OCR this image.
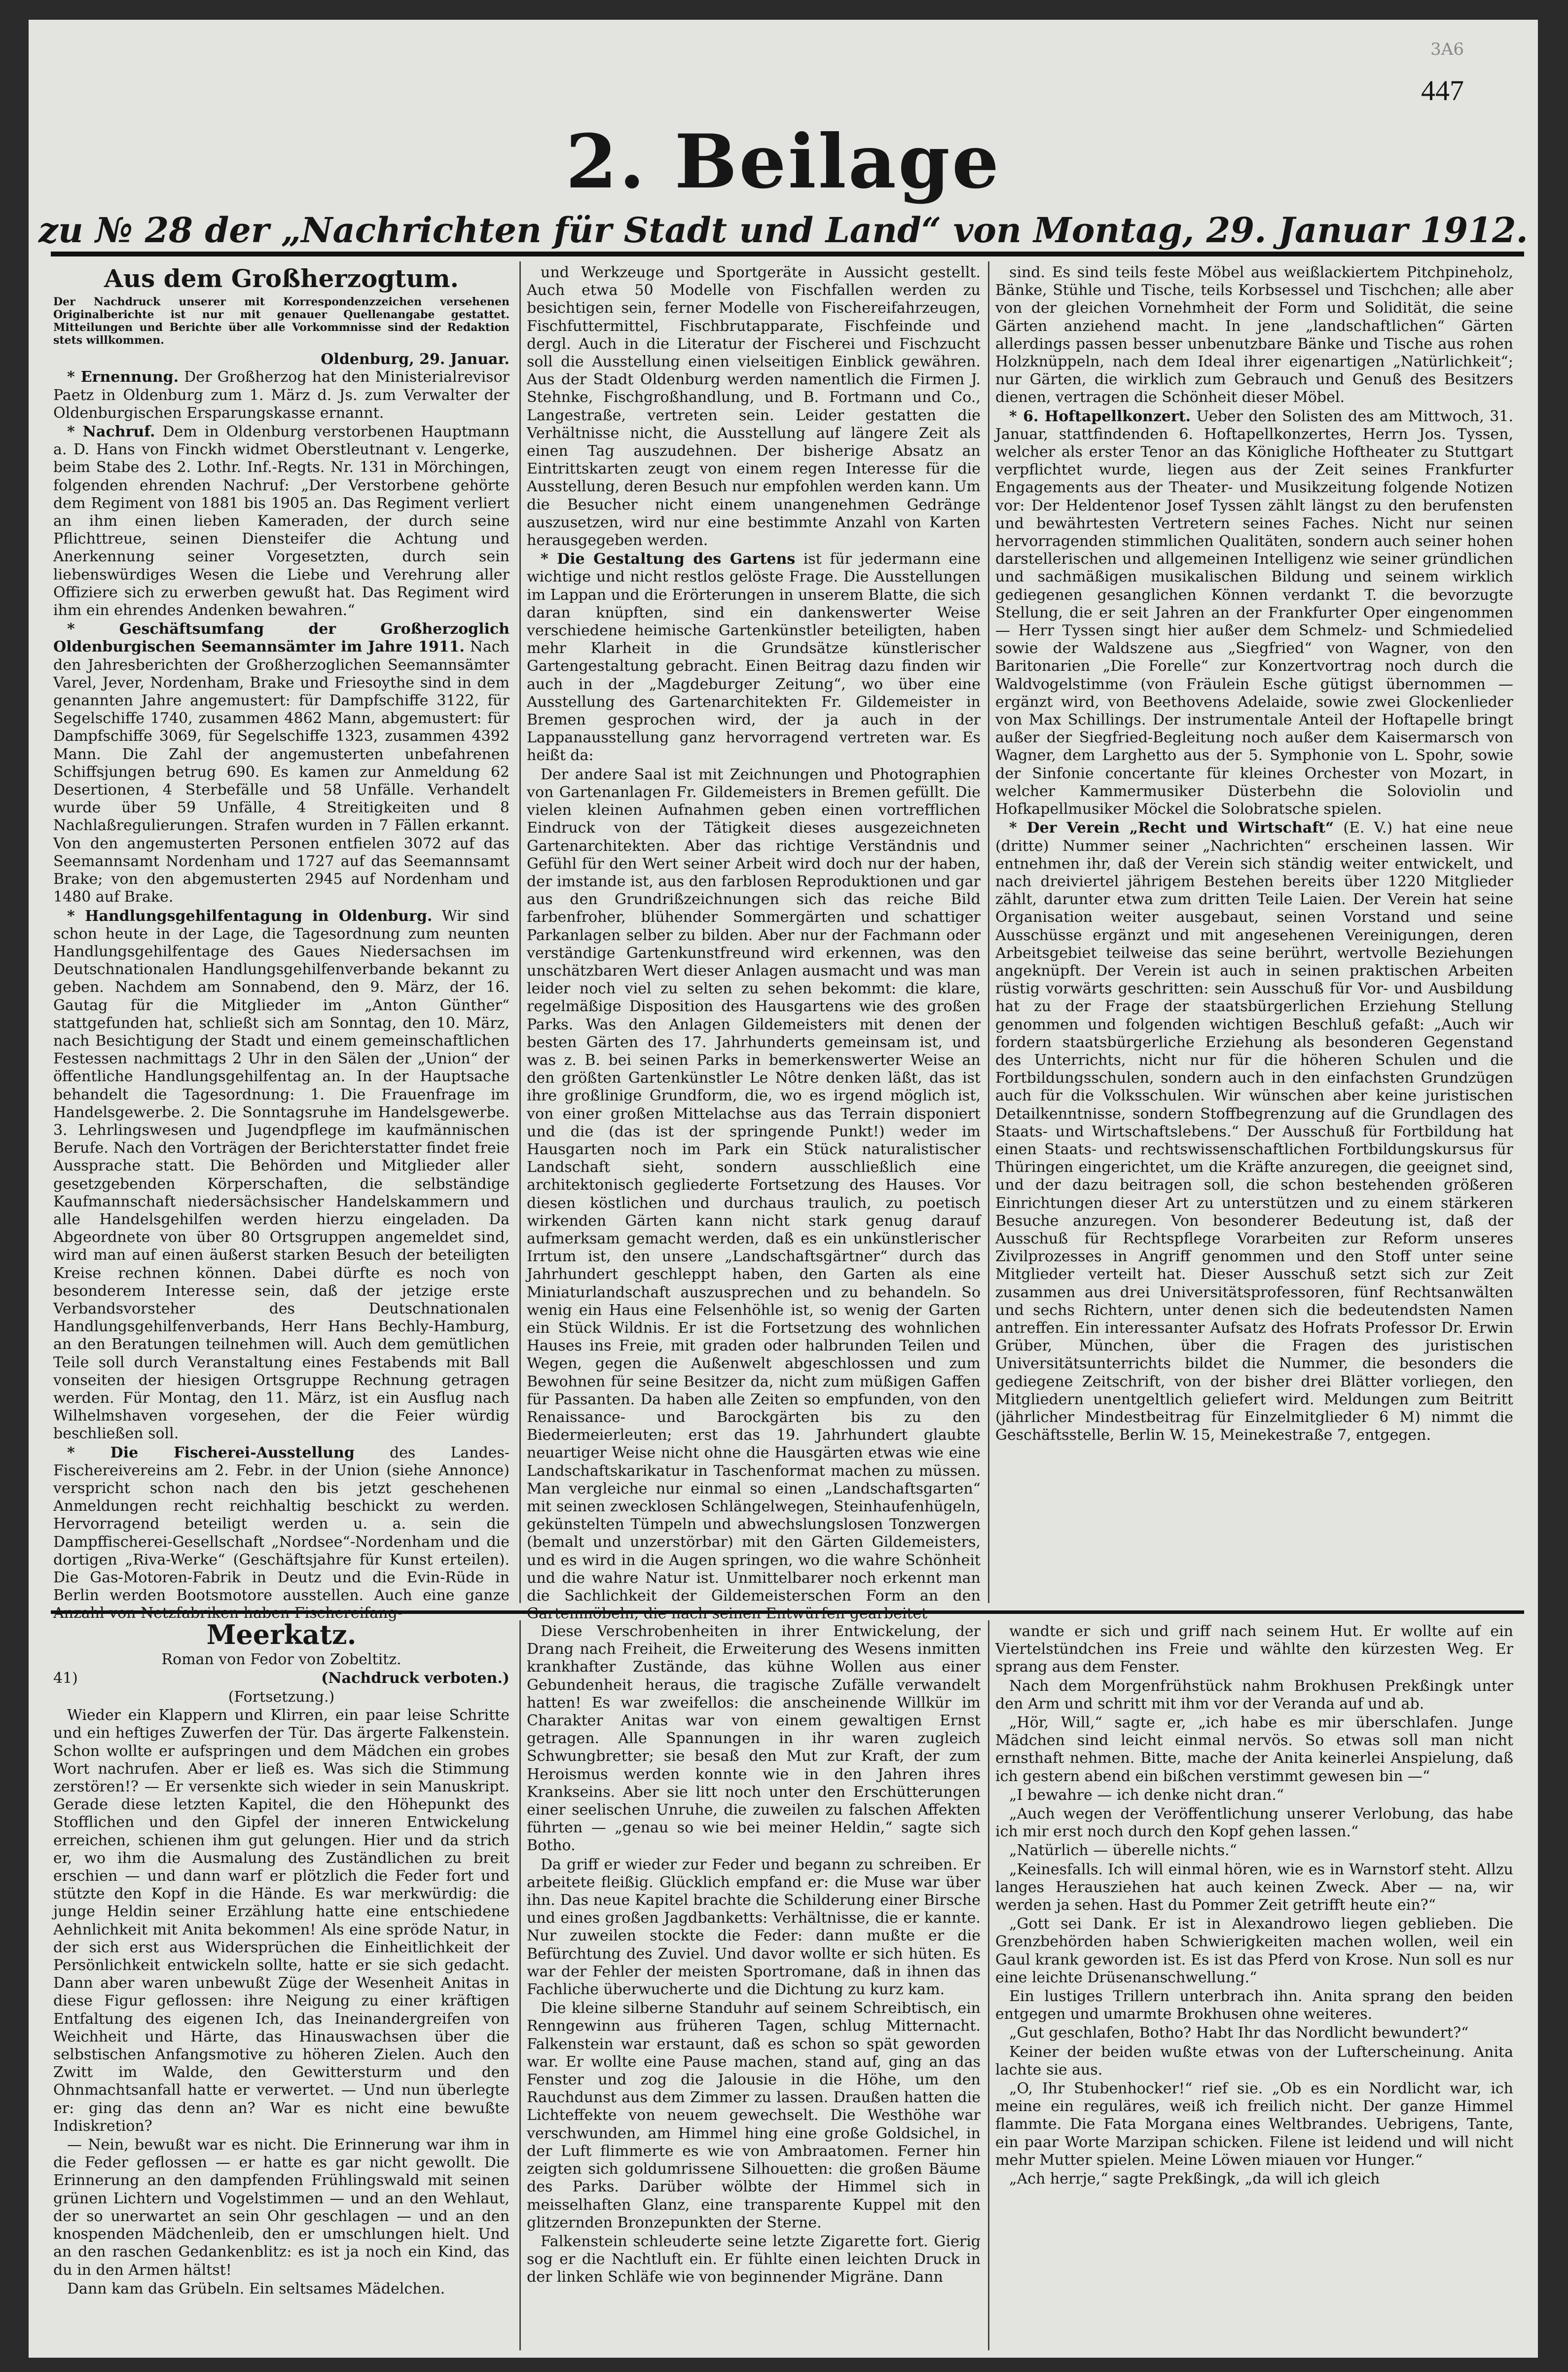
3A6
447
2. Beilage
zu № 28 der „Nachrichten für Stadt und Land“ von Montag, 29. Januar 1912.
Aus dem Großherzogtum.
Der Nachdruck unserer mit Korrespondenzzeichen versehenen Originalberichte ist nur mit genauer Quellenangabe gestattet. Mitteilungen und Berichte über alle Vorkommnisse sind der Redaktion stets willkommen.
Oldenburg, 29. Januar.

* Ernennung. Der Großherzog hat den Ministerialrevisor Paetz in Oldenburg zum 1. März d. Js. zum Verwalter der Oldenburgischen Ersparungskasse ernannt.

* Nachruf. Dem in Oldenburg verstorbenen Hauptmann a. D. Hans von Finckh widmet Oberstleutnant v. Lengerke, beim Stabe des 2. Lothr. Inf.-Regts. Nr. 131 in Mörchingen, folgenden ehrenden Nachruf: „Der Verstorbene gehörte dem Regiment von 1881 bis 1905 an. Das Regiment verliert an ihm einen lieben Kameraden, der durch seine Pflichttreue, seinen Diensteifer die Achtung und Anerkennung seiner Vorgesetzten, durch sein liebenswürdiges Wesen die Liebe und Verehrung aller Offiziere sich zu erwerben gewußt hat. Das Regiment wird ihm ein ehrendes Andenken bewahren.“

* Geschäftsumfang der Großherzoglich Oldenburgischen Seemannsämter im Jahre 1911. Nach den Jahresberichten der Großherzoglichen Seemannsämter Varel, Jever, Nordenham, Brake und Friesoythe sind in dem genannten Jahre angemustert: für Dampfschiffe 3122, für Segelschiffe 1740, zusammen 4862 Mann, abgemustert: für Dampfschiffe 3069, für Segelschiffe 1323, zusammen 4392 Mann. Die Zahl der angemusterten unbefahrenen Schiffsjungen betrug 690. Es kamen zur Anmeldung 62 Desertionen, 4 Sterbefälle und 58 Unfälle. Verhandelt wurde über 59 Unfälle, 4 Streitigkeiten und 8 Nachlaßregulierungen. Strafen wurden in 7 Fällen erkannt. Von den angemusterten Personen entfielen 3072 auf das Seemannsamt Nordenham und 1727 auf das Seemannsamt Brake; von den abgemusterten 2945 auf Nordenham und 1480 auf Brake.

* Handlungsgehilfentagung in Oldenburg. Wir sind schon heute in der Lage, die Tagesordnung zum neunten Handlungsgehilfentage des Gaues Niedersachsen im Deutschnationalen Handlungsgehilfenverbande bekannt zu geben. Nachdem am Sonnabend, den 9. März, der 16. Gautag für die Mitglieder im „Anton Günther“ stattgefunden hat, schließt sich am Sonntag, den 10. März, nach Besichtigung der Stadt und einem gemeinschaftlichen Festessen nachmittags 2 Uhr in den Sälen der „Union“ der öffentliche Handlungsgehilfentag an. In der Hauptsache behandelt die Tagesordnung: 1. Die Frauenfrage im Handelsgewerbe. 2. Die Sonntagsruhe im Handelsgewerbe. 3. Lehrlingswesen und Jugendpflege im kaufmännischen Berufe. Nach den Vorträgen der Berichterstatter findet freie Aussprache statt. Die Behörden und Mitglieder aller gesetzgebenden Körperschaften, die selbständige Kaufmannschaft niedersächsischer Handelskammern und alle Handelsgehilfen werden hierzu eingeladen. Da Abgeordnete von über 80 Ortsgruppen angemeldet sind, wird man auf einen äußerst starken Besuch der beteiligten Kreise rechnen können. Dabei dürfte es noch von besonderem Interesse sein, daß der jetzige erste Verbandsvorsteher des Deutschnationalen Handlungsgehilfenverbands, Herr Hans Bechly-Hamburg, an den Beratungen teilnehmen will. Auch dem gemütlichen Teile soll durch Veranstaltung eines Festabends mit Ball vonseiten der hiesigen Ortsgruppe Rechnung getragen werden. Für Montag, den 11. März, ist ein Ausflug nach Wilhelmshaven vorgesehen, der die Feier würdig beschließen soll.

* Die Fischerei-Ausstellung des Landes-Fischereivereins am 2. Febr. in der Union (siehe Annonce) verspricht schon nach den bis jetzt geschehenen Anmeldungen recht reichhaltig beschickt zu werden. Hervorragend beteiligt werden u. a. sein die Dampffischerei-Gesellschaft „Nordsee“-Nordenham und die dortigen „Riva-Werke“ (Geschäftsjahre für Kunst erteilen). Die Gas-Motoren-Fabrik in Deutz und die Evin-Rüde in Berlin werden Bootsmotore ausstellen. Auch eine ganze Anzahl von Netzfabriken haben Fischereifang-

und Werkzeuge und Sportgeräte in Aussicht gestellt. Auch etwa 50 Modelle von Fischfallen werden zu besichtigen sein, ferner Modelle von Fischereifahrzeugen, Fischfuttermittel, Fischbrutapparate, Fischfeinde und dergl. Auch in die Literatur der Fischerei und Fischzucht soll die Ausstellung einen vielseitigen Einblick gewähren. Aus der Stadt Oldenburg werden namentlich die Firmen J. Stehnke, Fischgroßhandlung, und B. Fortmann und Co., Langestraße, vertreten sein. Leider gestatten die Verhältnisse nicht, die Ausstellung auf längere Zeit als einen Tag auszudehnen. Der bisherige Absatz an Eintrittskarten zeugt von einem regen Interesse für die Ausstellung, deren Besuch nur empfohlen werden kann. Um die Besucher nicht einem unangenehmen Gedränge auszusetzen, wird nur eine bestimmte Anzahl von Karten herausgegeben werden.

* Die Gestaltung des Gartens ist für jedermann eine wichtige und nicht restlos gelöste Frage. Die Ausstellungen im Lappan und die Erörterungen in unserem Blatte, die sich daran knüpften, sind ein dankenswerter Weise verschiedene heimische Gartenkünstler beteiligten, haben mehr Klarheit in die Grundsätze künstlerischer Gartengestaltung gebracht. Einen Beitrag dazu finden wir auch in der „Magdeburger Zeitung“, wo über eine Ausstellung des Gartenarchitekten Fr. Gildemeister in Bremen gesprochen wird, der ja auch in der Lappanausstellung ganz hervorragend vertreten war. Es heißt da:

Der andere Saal ist mit Zeichnungen und Photographien von Gartenanlagen Fr. Gildemeisters in Bremen gefüllt. Die vielen kleinen Aufnahmen geben einen vortrefflichen Eindruck von der Tätigkeit dieses ausgezeichneten Gartenarchitekten. Aber das richtige Verständnis und Gefühl für den Wert seiner Arbeit wird doch nur der haben, der imstande ist, aus den farblosen Reproduktionen und gar aus den Grundrißzeichnungen sich das reiche Bild farbenfroher, blühender Sommergärten und schattiger Parkanlagen selber zu bilden. Aber nur der Fachmann oder verständige Gartenkunstfreund wird erkennen, was den unschätzbaren Wert dieser Anlagen ausmacht und was man leider noch viel zu selten zu sehen bekommt: die klare, regelmäßige Disposition des Hausgartens wie des großen Parks. Was den Anlagen Gildemeisters mit denen der besten Gärten des 17. Jahrhunderts gemeinsam ist, und was z. B. bei seinen Parks in bemerkenswerter Weise an den größten Gartenkünstler Le Nôtre denken läßt, das ist ihre großlinige Grundform, die, wo es irgend möglich ist, von einer großen Mittelachse aus das Terrain disponiert und die (das ist der springende Punkt!) weder im Hausgarten noch im Park ein Stück naturalistischer Landschaft sieht, sondern ausschließlich eine architektonisch gegliederte Fortsetzung des Hauses. Vor diesen köstlichen und durchaus traulich, zu poetisch wirkenden Gärten kann nicht stark genug darauf aufmerksam gemacht werden, daß es ein unkünstlerischer Irrtum ist, den unsere „Landschaftsgärtner“ durch das Jahrhundert geschleppt haben, den Garten als eine Miniaturlandschaft auszusprechen und zu behandeln. So wenig ein Haus eine Felsenhöhle ist, so wenig der Garten ein Stück Wildnis. Er ist die Fortsetzung des wohnlichen Hauses ins Freie, mit graden oder halbrunden Teilen und Wegen, gegen die Außenwelt abgeschlossen und zum Bewohnen für seine Besitzer da, nicht zum müßigen Gaffen für Passanten. Da haben alle Zeiten so empfunden, von den Renaissance- und Barockgärten bis zu den Biedermeierleuten; erst das 19. Jahrhundert glaubte neuartiger Weise nicht ohne die Hausgärten etwas wie eine Landschaftskarikatur in Taschenformat machen zu müssen. Man vergleiche nur einmal so einen „Landschaftsgarten“ mit seinen zwecklosen Schlängelwegen, Steinhaufenhügeln, gekünstelten Tümpeln und abwechslungslosen Tonzwergen (bemalt und unzerstörbar) mit den Gärten Gildemeisters, und es wird in die Augen springen, wo die wahre Schönheit und die wahre Natur ist. Unmittelbarer noch erkennt man die Sachlichkeit der Gildemeisterschen Form an den Gartenmöbeln, die nach seinen Entwürfen gearbeitet

sind. Es sind teils feste Möbel aus weißlackiertem Pitchpineholz, Bänke, Stühle und Tische, teils Korbsessel und Tischchen; alle aber von der gleichen Vornehmheit der Form und Solidität, die seine Gärten anziehend macht. In jene „landschaftlichen“ Gärten allerdings passen besser unbenutzbare Bänke und Tische aus rohen Holzknüppeln, nach dem Ideal ihrer eigenartigen „Natürlichkeit“; nur Gärten, die wirklich zum Gebrauch und Genuß des Besitzers dienen, vertragen die Schönheit dieser Möbel.

* 6. Hoftapellkonzert. Ueber den Solisten des am Mittwoch, 31. Januar, stattfindenden 6. Hoftapellkonzertes, Herrn Jos. Tyssen, welcher als erster Tenor an das Königliche Hoftheater zu Stuttgart verpflichtet wurde, liegen aus der Zeit seines Frankfurter Engagements aus der Theater- und Musikzeitung folgende Notizen vor: Der Heldentenor Josef Tyssen zählt längst zu den berufensten und bewährtesten Vertretern seines Faches. Nicht nur seinen hervorragenden stimmlichen Qualitäten, sondern auch seiner hohen darstellerischen und allgemeinen Intelligenz wie seiner gründlichen und sachmäßigen musikalischen Bildung und seinem wirklich gediegenen gesanglichen Können verdankt T. die bevorzugte Stellung, die er seit Jahren an der Frankfurter Oper eingenommen — Herr Tyssen singt hier außer dem Schmelz- und Schmiedelied sowie der Waldszene aus „Siegfried“ von Wagner, von den Baritonarien „Die Forelle“ zur Konzertvortrag noch durch die Waldvogelstimme (von Fräulein Esche gütigst übernommen — ergänzt wird, von Beethovens Adelaide, sowie zwei Glockenlieder von Max Schillings. Der instrumentale Anteil der Hoftapelle bringt außer der Siegfried-Begleitung noch außer dem Kaisermarsch von Wagner, dem Larghetto aus der 5. Symphonie von L. Spohr, sowie der Sinfonie concertante für kleines Orchester von Mozart, in welcher Kammermusiker Düsterbehn die Soloviolin und Hofkapellmusiker Möckel die Solobratsche spielen.

* Der Verein „Recht und Wirtschaft“ (E. V.) hat eine neue (dritte) Nummer seiner „Nachrichten“ erscheinen lassen. Wir entnehmen ihr, daß der Verein sich ständig weiter entwickelt, und nach dreiviertel jährigem Bestehen bereits über 1220 Mitglieder zählt, darunter etwa zum dritten Teile Laien. Der Verein hat seine Organisation weiter ausgebaut, seinen Vorstand und seine Ausschüsse ergänzt und mit angesehenen Vereinigungen, deren Arbeitsgebiet teilweise das seine berührt, wertvolle Beziehungen angeknüpft. Der Verein ist auch in seinen praktischen Arbeiten rüstig vorwärts geschritten: sein Ausschuß für Vor- und Ausbildung hat zu der Frage der staatsbürgerlichen Erziehung Stellung genommen und folgenden wichtigen Beschluß gefaßt: „Auch wir fordern staatsbürgerliche Erziehung als besonderen Gegenstand des Unterrichts, nicht nur für die höheren Schulen und die Fortbildungsschulen, sondern auch in den einfachsten Grundzügen auch für die Volksschulen. Wir wünschen aber keine juristischen Detailkenntnisse, sondern Stoffbegrenzung auf die Grundlagen des Staats- und Wirtschaftslebens.“ Der Ausschuß für Fortbildung hat einen Staats- und rechtswissenschaftlichen Fortbildungskursus für Thüringen eingerichtet, um die Kräfte anzuregen, die geeignet sind, und der dazu beitragen soll, die schon bestehenden größeren Einrichtungen dieser Art zu unterstützen und zu einem stärkeren Besuche anzuregen. Von besonderer Bedeutung ist, daß der Ausschuß für Rechtspflege Vorarbeiten zur Reform unseres Zivilprozesses in Angriff genommen und den Stoff unter seine Mitglieder verteilt hat. Dieser Ausschuß setzt sich zur Zeit zusammen aus drei Universitätsprofessoren, fünf Rechtsanwälten und sechs Richtern, unter denen sich die bedeutendsten Namen antreffen. Ein interessanter Aufsatz des Hofrats Professor Dr. Erwin Grüber, München, über die Fragen des juristischen Universitätsunterrichts bildet die Nummer, die besonders die gediegene Zeitschrift, von der bisher drei Blätter vorliegen, den Mitgliedern unentgeltlich geliefert wird. Meldungen zum Beitritt (jährlicher Mindestbeitrag für Einzelmitglieder 6 M) nimmt die Geschäftsstelle, Berlin W. 15, Meinekestraße 7, entgegen.

Meerkatz.
Roman von Fedor von Zobeltitz.
41)	(Nachdruck verboten.)
(Fortsetzung.)

Wieder ein Klappern und Klirren, ein paar leise Schritte und ein heftiges Zuwerfen der Tür. Das ärgerte Falkenstein. Schon wollte er aufspringen und dem Mädchen ein grobes Wort nachrufen. Aber er ließ es. Was sich die Stimmung zerstören!? — Er versenkte sich wieder in sein Manuskript. Gerade diese letzten Kapitel, die den Höhepunkt des Stofflichen und den Gipfel der inneren Entwickelung erreichen, schienen ihm gut gelungen. Hier und da strich er, wo ihm die Ausmalung des Zuständlichen zu breit erschien — und dann warf er plötzlich die Feder fort und stützte den Kopf in die Hände. Es war merkwürdig: die junge Heldin seiner Erzählung hatte eine entschiedene Aehnlichkeit mit Anita bekommen! Als eine spröde Natur, in der sich erst aus Widersprüchen die Einheitlichkeit der Persönlichkeit entwickeln sollte, hatte er sie sich gedacht. Dann aber waren unbewußt Züge der Wesenheit Anitas in diese Figur geflossen: ihre Neigung zu einer kräftigen Entfaltung des eigenen Ich, das Ineinandergreifen von Weichheit und Härte, das Hinauswachsen über die selbstischen Anfangsmotive zu höheren Zielen. Auch den Zwitt im Walde, den Gewittersturm und den Ohnmachtsanfall hatte er verwertet. — Und nun überlegte er: ging das denn an? War es nicht eine bewußte Indiskretion?

— Nein, bewußt war es nicht. Die Erinnerung war ihm in die Feder geflossen — er hatte es gar nicht gewollt. Die Erinnerung an den dampfenden Frühlingswald mit seinen grünen Lichtern und Vogelstimmen — und an den Wehlaut, der so unerwartet an sein Ohr geschlagen — und an den knospenden Mädchenleib, den er umschlungen hielt. Und an den raschen Gedankenblitz: es ist ja noch ein Kind, das du in den Armen hältst!

Dann kam das Grübeln. Ein seltsames Mädelchen.

Diese Verschrobenheiten in ihrer Entwickelung, der Drang nach Freiheit, die Erweiterung des Wesens inmitten krankhafter Zustände, das kühne Wollen aus einer Gebundenheit heraus, die tragische Zufälle verwandelt hatten! Es war zweifellos: die anscheinende Willkür im Charakter Anitas war von einem gewaltigen Ernst getragen. Alle Spannungen in ihr waren zugleich Schwungbretter; sie besaß den Mut zur Kraft, der zum Heroismus werden konnte wie in den Jahren ihres Krankseins. Aber sie litt noch unter den Erschütterungen einer seelischen Unruhe, die zuweilen zu falschen Affekten führten — „genau so wie bei meiner Heldin,“ sagte sich Botho.

Da griff er wieder zur Feder und begann zu schreiben. Er arbeitete fleißig. Glücklich empfand er: die Muse war über ihn. Das neue Kapitel brachte die Schilderung einer Birsche und eines großen Jagdbanketts: Verhältnisse, die er kannte. Nur zuweilen stockte die Feder: dann mußte er die Befürchtung des Zuviel. Und davor wollte er sich hüten. Es war der Fehler der meisten Sportromane, daß in ihnen das Fachliche überwucherte und die Dichtung zu kurz kam.

Die kleine silberne Standuhr auf seinem Schreibtisch, ein Renngewinn aus früheren Tagen, schlug Mitternacht. Falkenstein war erstaunt, daß es schon so spät geworden war. Er wollte eine Pause machen, stand auf, ging an das Fenster und zog die Jalousie in die Höhe, um den Rauchdunst aus dem Zimmer zu lassen. Draußen hatten die Lichteffekte von neuem gewechselt. Die Westhöhe war verschwunden, am Himmel hing eine große Goldsichel, in der Luft flimmerte es wie von Ambraatomen. Ferner hin zeigten sich goldumrissene Silhouetten: die großen Bäume des Parks. Darüber wölbte der Himmel sich in meisselhaften Glanz, eine transparente Kuppel mit den glitzernden Bronzepunkten der Sterne.

Falkenstein schleuderte seine letzte Zigarette fort. Gierig sog er die Nachtluft ein. Er fühlte einen leichten Druck in der linken Schläfe wie von beginnender Migräne. Dann

wandte er sich und griff nach seinem Hut. Er wollte auf ein Viertelstündchen ins Freie und wählte den kürzesten Weg. Er sprang aus dem Fenster.

Nach dem Morgenfrühstück nahm Brokhusen Prekßingk unter den Arm und schritt mit ihm vor der Veranda auf und ab.

„Hör, Will,“ sagte er, „ich habe es mir überschlafen. Junge Mädchen sind leicht einmal nervös. So etwas soll man nicht ernsthaft nehmen. Bitte, mache der Anita keinerlei Anspielung, daß ich gestern abend ein bißchen verstimmt gewesen bin —“

„I bewahre — ich denke nicht dran.“

„Auch wegen der Veröffentlichung unserer Verlobung, das habe ich mir erst noch durch den Kopf gehen lassen.“

„Natürlich — überelle nichts.“

„Keinesfalls. Ich will einmal hören, wie es in Warnstorf steht. Allzu langes Herausziehen hat auch keinen Zweck. Aber — na, wir werden ja sehen. Hast du Pommer Zeit getrifft heute ein?“

„Gott sei Dank. Er ist in Alexandrowo liegen geblieben. Die Grenzbehörden haben Schwierigkeiten machen wollen, weil ein Gaul krank geworden ist. Es ist das Pferd von Krose. Nun soll es nur eine leichte Drüsenanschwellung.“

Ein lustiges Trillern unterbrach ihn. Anita sprang den beiden entgegen und umarmte Brokhusen ohne weiteres.

„Gut geschlafen, Botho? Habt Ihr das Nordlicht bewundert?“

Keiner der beiden wußte etwas von der Lufterscheinung. Anita lachte sie aus.

„O, Ihr Stubenhocker!“ rief sie. „Ob es ein Nordlicht war, ich meine ein reguläres, weiß ich freilich nicht. Der ganze Himmel flammte. Die Fata Morgana eines Weltbrandes. Uebrigens, Tante, ein paar Worte Marzipan schicken. Filene ist leidend und will nicht mehr Mutter spielen. Meine Löwen miauen vor Hunger.“

„Ach herrje,“ sagte Prekßingk, „da will ich gleich
